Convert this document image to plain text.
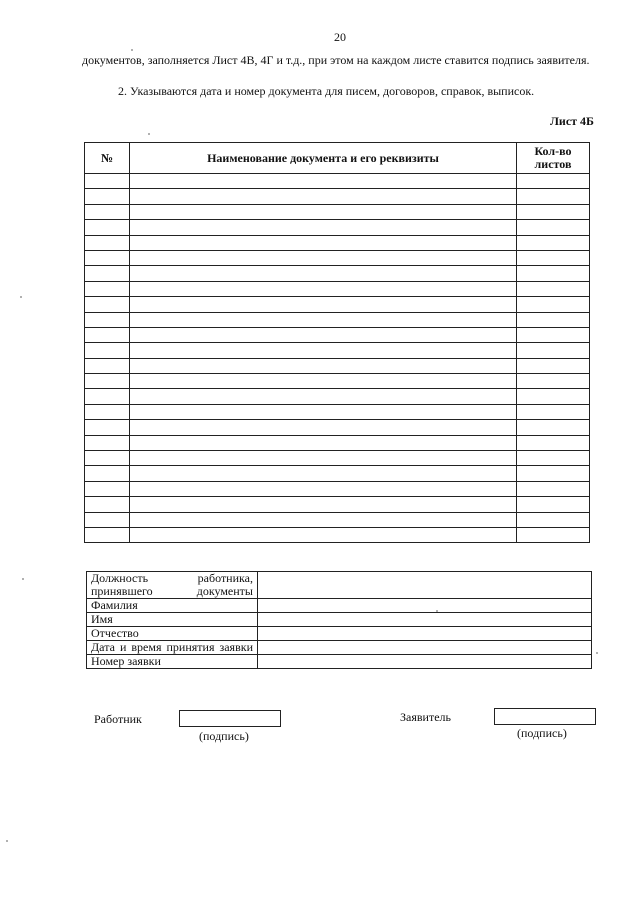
20
документов, заполняется Лист 4В, 4Г и т.д., при этом на каждом листе ставится подпись заявителя.
2. Указываются дата и номер документа для писем, договоров, справок, выписок.
Лист 4Б
№	Наименование документа и его реквизиты	Кол-во листов

Должность работника, принявшего документы	
Фамилия	
Имя	
Отчество	
Дата и время принятия заявки	
Номер заявки	
Работник
(подпись)
Заявитель
(подпись)
